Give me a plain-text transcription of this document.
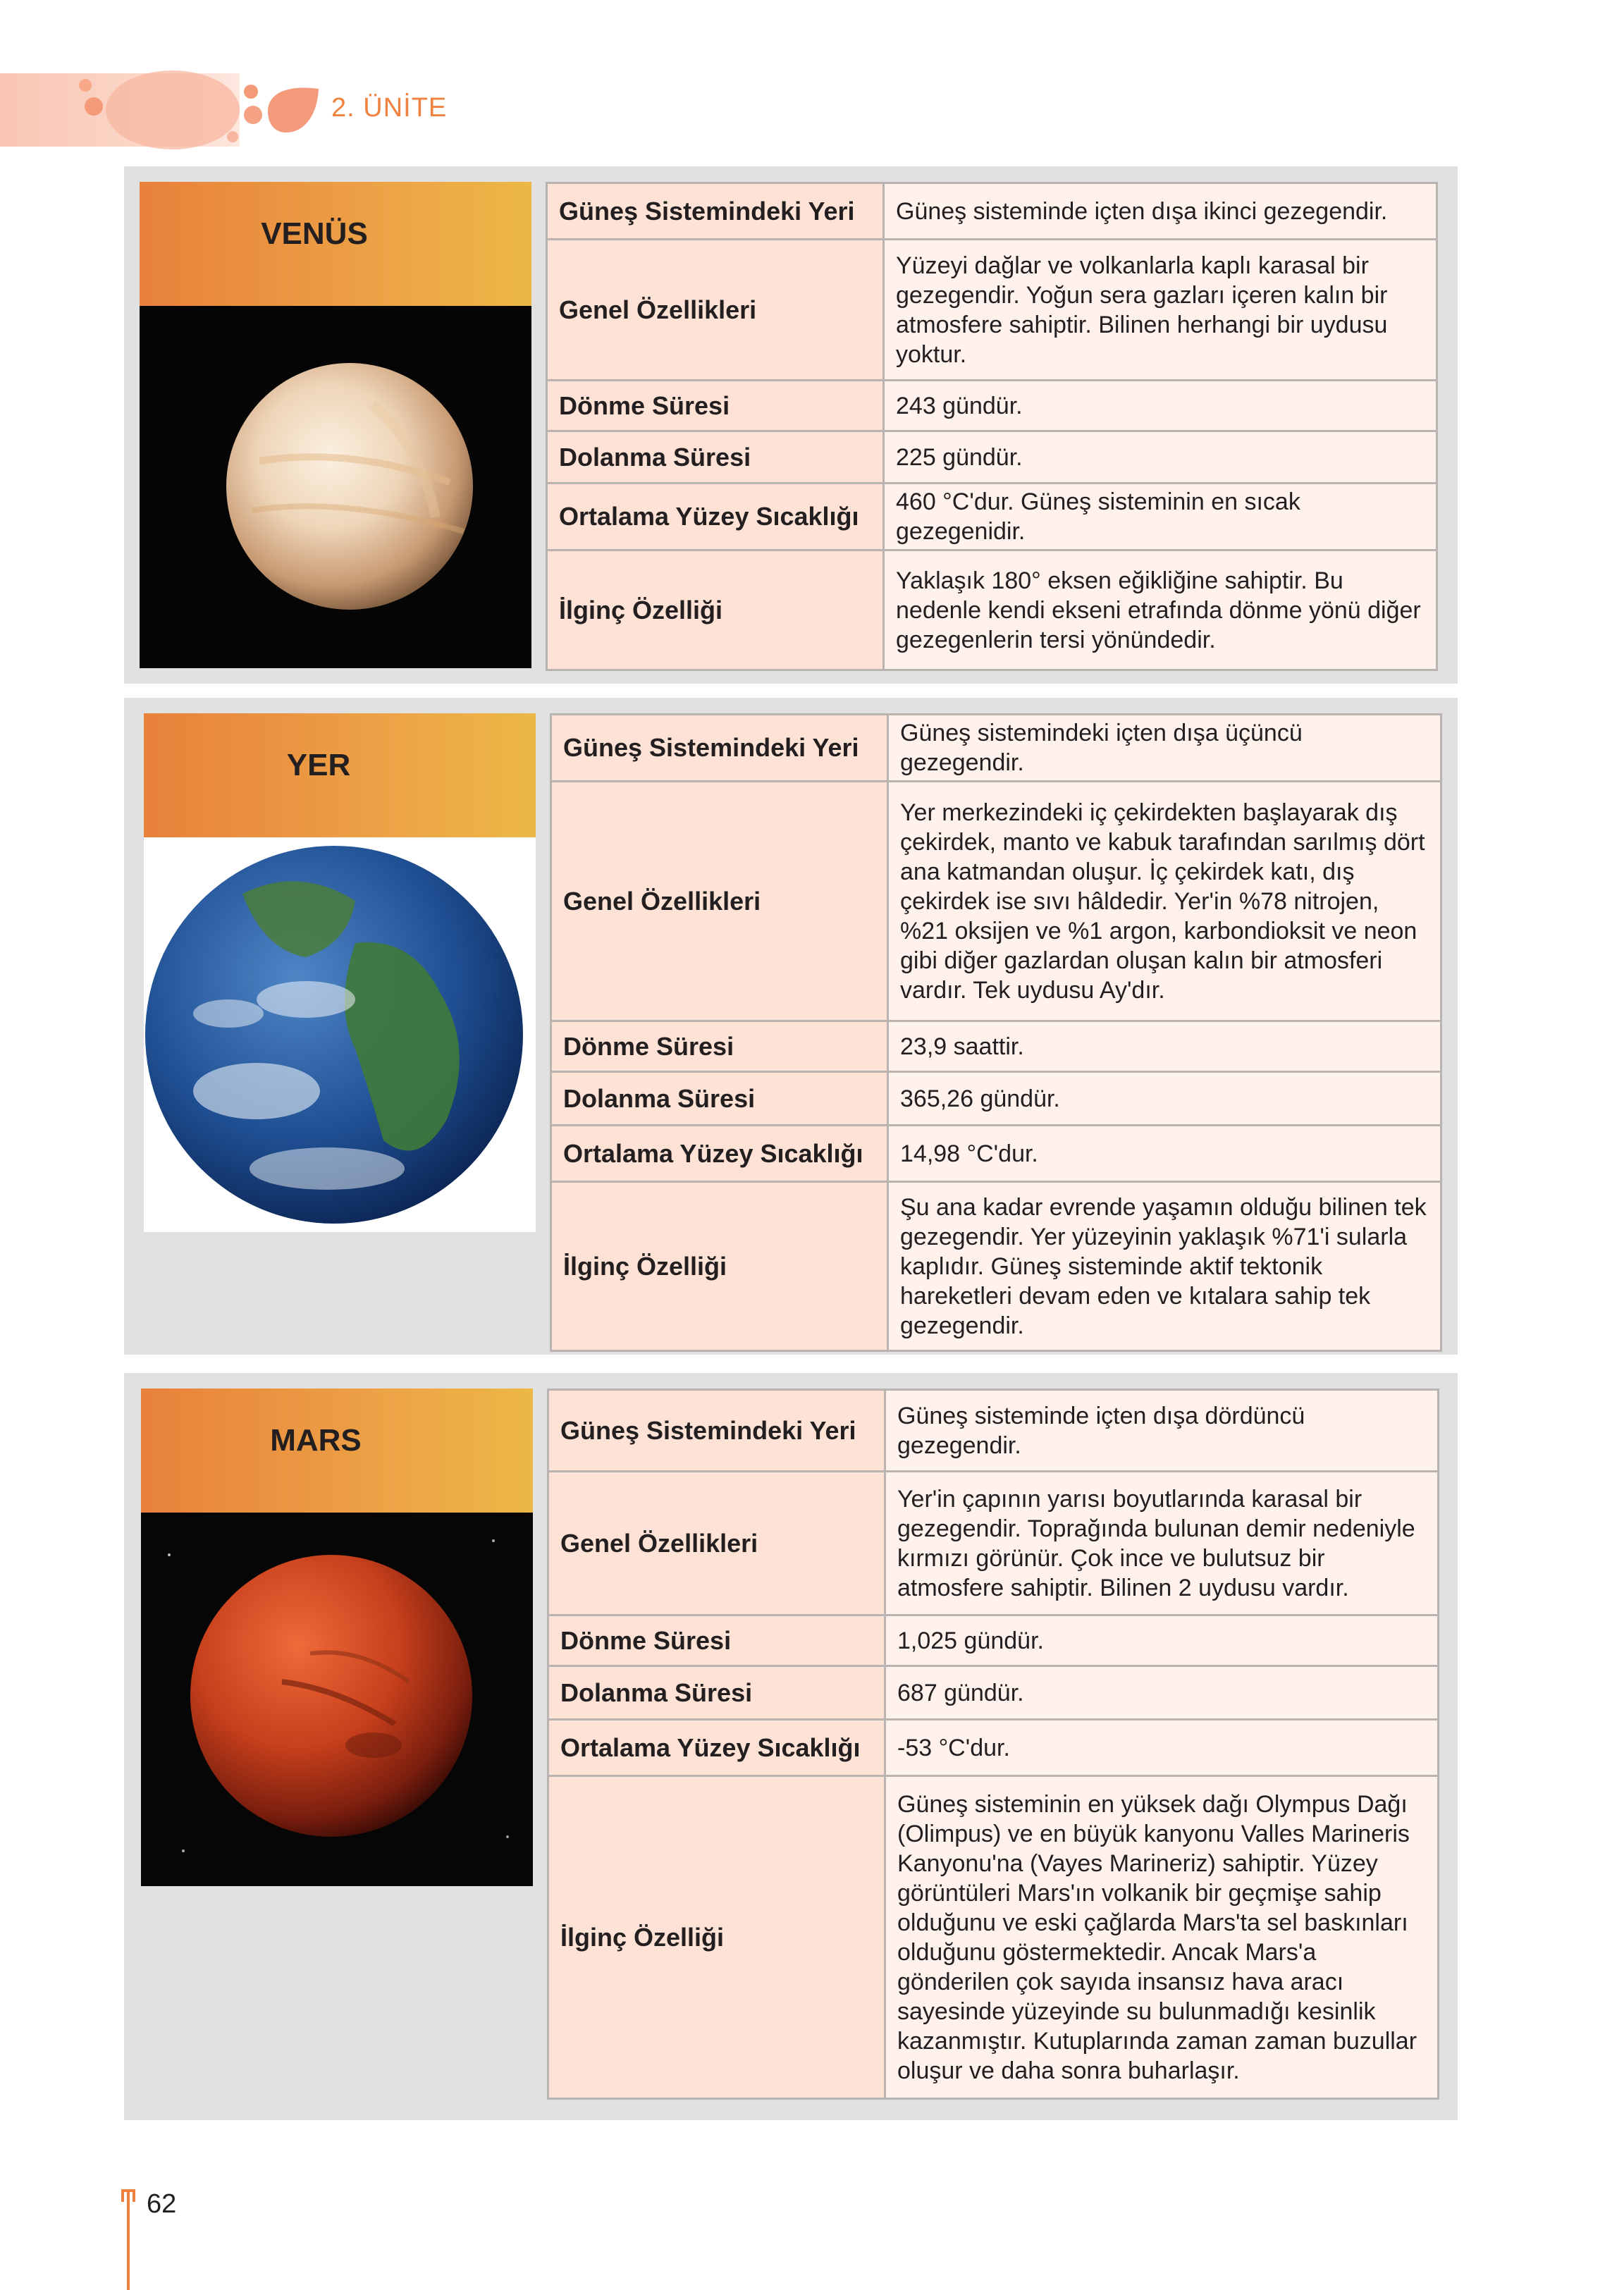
2. ÜNİTE
VENÜS
Güneş Sistemindeki Yeri	Güneş sisteminde içten dışa ikinci gezegendir.
Genel Özellikleri	Yüzeyi dağlar ve volkanlarla kaplı karasal bir gezegendir. Yoğun sera gazları içeren kalın bir atmosfere sahiptir. Bilinen herhangi bir uydusu yoktur.
Dönme Süresi	243 gündür.
Dolanma Süresi	225 gündür.
Ortalama Yüzey Sıcaklığı	460 °C'dur. Güneş sisteminin en sıcak gezegenidir.
İlginç Özelliği	Yaklaşık 180° eksen eğikliğine sahiptir. Bu nedenle kendi ekseni etrafında dönme yönü diğer gezegenlerin tersi yönündedir.
YER
Güneş Sistemindeki Yeri	Güneş sistemindeki içten dışa üçüncü gezegendir.
Genel Özellikleri	Yer merkezindeki iç çekirdekten başlayarak dış çekirdek, manto ve kabuk tarafından sarılmış dört ana katmandan oluşur. İç çekirdek katı, dış çekirdek ise sıvı hâldedir. Yer'in %78 nitrojen, %21 oksijen ve %1 argon, karbondioksit ve neon gibi diğer gazlardan oluşan kalın bir atmosferi vardır. Tek uydusu Ay'dır.
Dönme Süresi	23,9 saattir.
Dolanma Süresi	365,26 gündür.
Ortalama Yüzey Sıcaklığı	14,98 °C'dur.
İlginç Özelliği	Şu ana kadar evrende yaşamın olduğu bilinen tek gezegendir. Yer yüzeyinin yaklaşık %71'i sularla kaplıdır. Güneş sisteminde aktif tektonik hareketleri devam eden ve kıtalara sahip tek gezegendir.
MARS	Güneş Sistemindeki Yeri	Güneş sisteminde içten dışa dördüncü gezegendir.
Genel Özellikleri	Yer'in çapının yarısı boyutlarında karasal bir gezegendir. Toprağında bulunan demir nedeniyle kırmızı görünür. Çok ince ve bulutsuz bir atmosfere sahiptir. Bilinen 2 uydusu vardır.
Dönme Süresi	1,025 gündür.
Dolanma Süresi	687 gündür.
Ortalama Yüzey Sıcaklığı	-53 °C'dur.
İlginç Özelliği	Güneş sisteminin en yüksek dağı Olympus Dağı (Olimpus) ve en büyük kanyonu Valles Marineris Kanyonu'na (Vayes Marineriz) sahiptir. Yüzey görüntüleri Mars'ın volkanik bir geçmişe sahip olduğunu ve eski çağlarda Mars'ta sel baskınları olduğunu göstermektedir. Ancak Mars'a gönderilen çok sayıda insansız hava aracı sayesinde yüzeyinde su bulunmadığı kesinlik kazanmıştır. Kutuplarında zaman zaman buzullar oluşur ve daha sonra buharlaşır.
62
